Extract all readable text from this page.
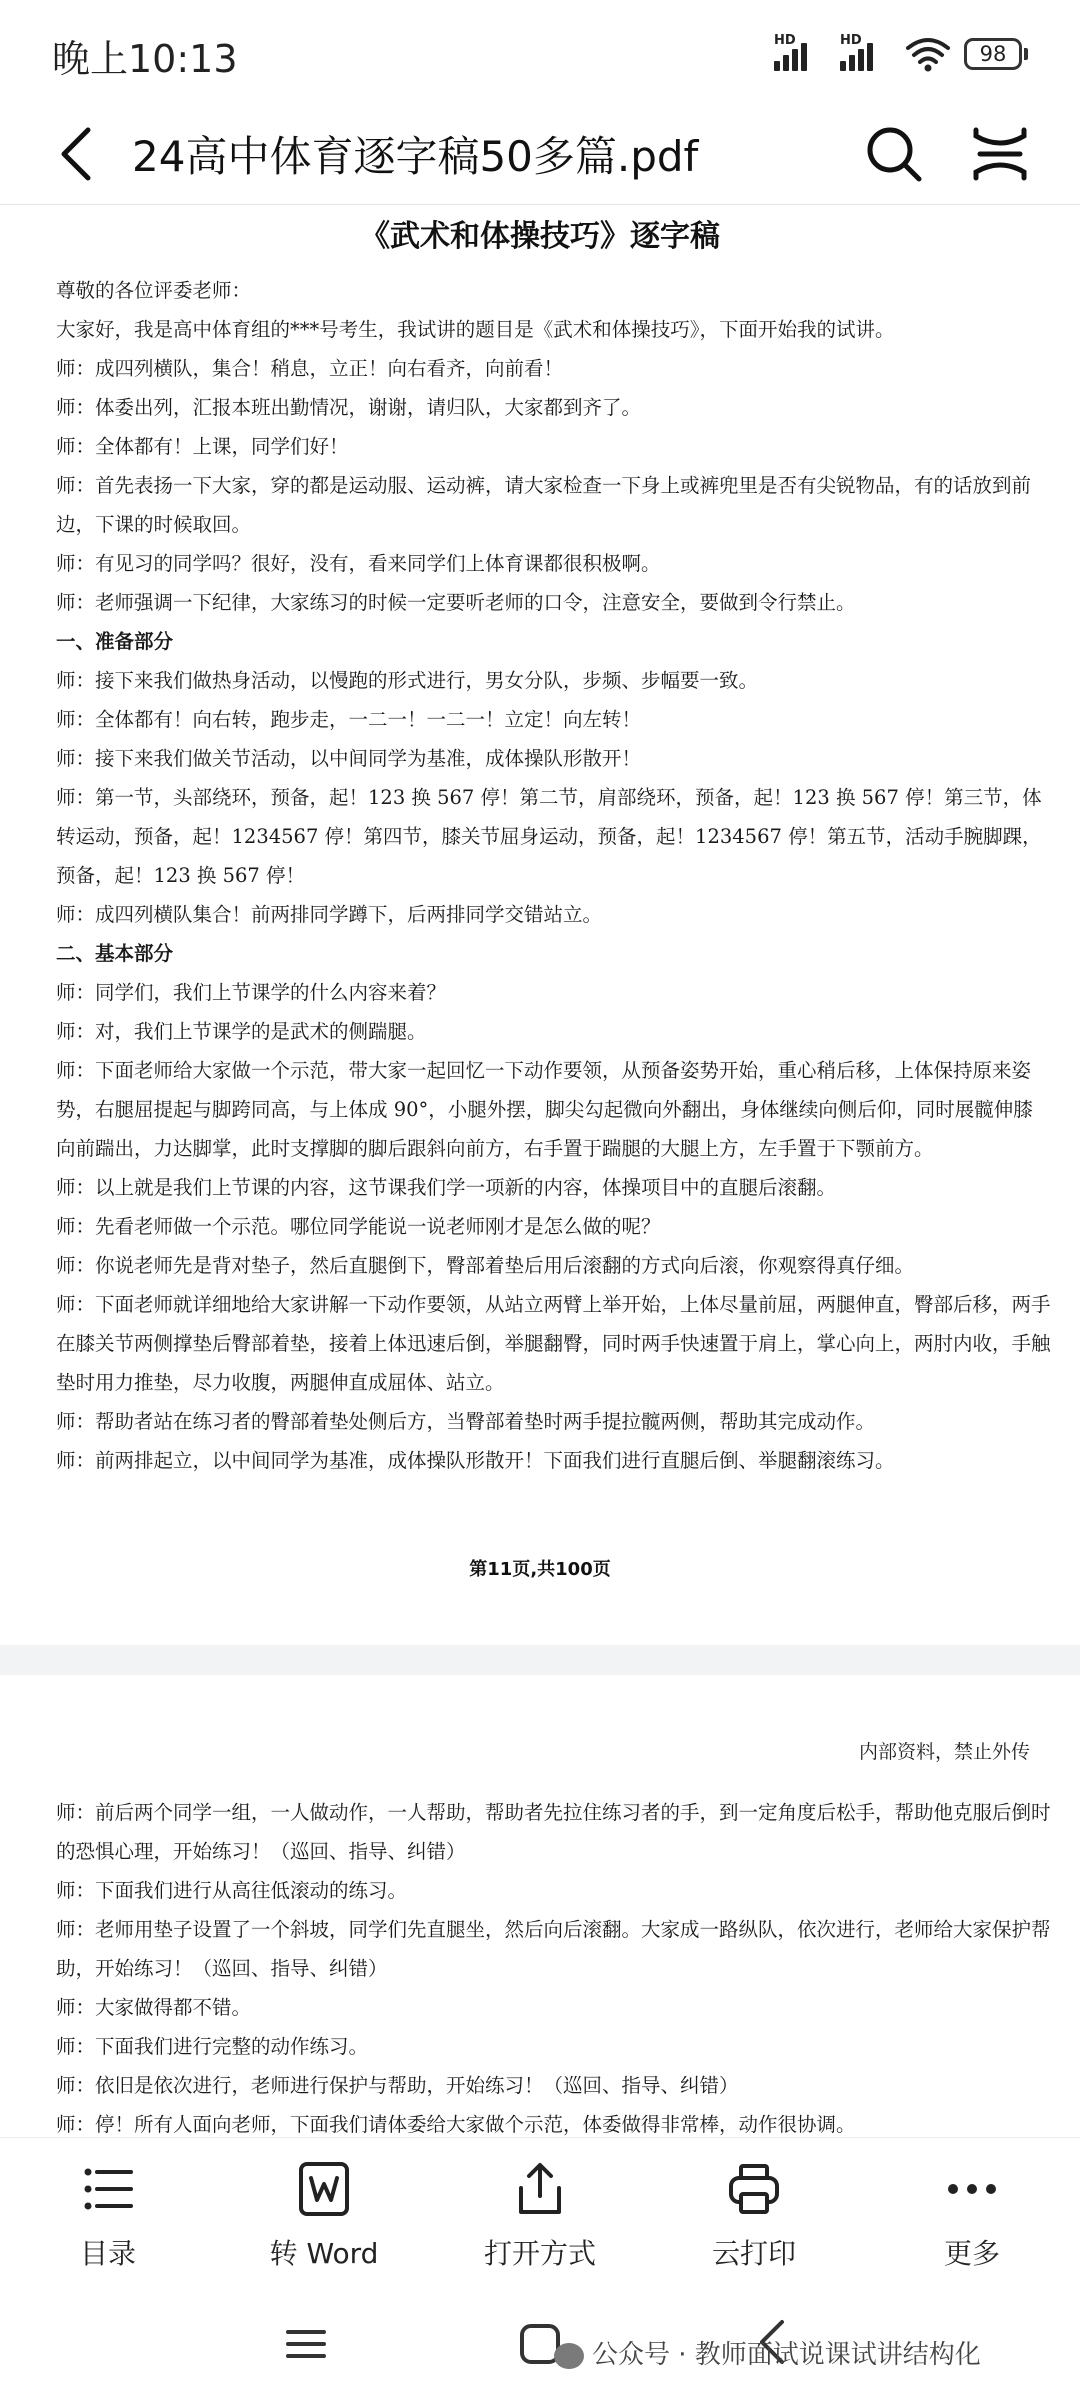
晚上10:13	HD	HD
98
24高中体育逐字稿50多篇.pdf
《武术和体操技巧》逐字稿

尊敬的各位评委老师：

大家好，我是高中体育组的***号考生，我试讲的题目是《武术和体操技巧》，下面开始我的试讲。

师：成四列横队，集合！稍息，立正！向右看齐，向前看！

师：体委出列，汇报本班出勤情况，谢谢，请归队，大家都到齐了。

师：全体都有！上课，同学们好！

师：首先表扬一下大家，穿的都是运动服、运动裤，请大家检查一下身上或裤兜里是否有尖锐物品，有的话放到前边，下课的时候取回。

师：有见习的同学吗？很好，没有，看来同学们上体育课都很积极啊。

师：老师强调一下纪律，大家练习的时候一定要听老师的口令，注意安全，要做到令行禁止。

一、准备部分

师：接下来我们做热身活动，以慢跑的形式进行，男女分队，步频、步幅要一致。

师：全体都有！向右转，跑步走，一二一！一二一！立定！向左转！

师：接下来我们做关节活动，以中间同学为基准，成体操队形散开！

师：第一节，头部绕环，预备，起！123 换 567 停！第二节，肩部绕环，预备，起！123 换 567 停！第三节，体转运动，预备，起！1234567 停！第四节，膝关节屈身运动，预备，起！1234567 停！第五节，活动手腕脚踝，预备，起！123 换 567 停！

师：成四列横队集合！前两排同学蹲下，后两排同学交错站立。

二、基本部分

师：同学们，我们上节课学的什么内容来着？

师：对，我们上节课学的是武术的侧踹腿。

师：下面老师给大家做一个示范，带大家一起回忆一下动作要领，从预备姿势开始，重心稍后移，上体保持原来姿势，右腿屈提起与脚跨同高，与上体成 90°，小腿外摆，脚尖勾起微向外翻出，身体继续向侧后仰，同时展髋伸膝向前踹出，力达脚掌，此时支撑脚的脚后跟斜向前方，右手置于踹腿的大腿上方，左手置于下颚前方。

师：以上就是我们上节课的内容，这节课我们学一项新的内容，体操项目中的直腿后滚翻。

师：先看老师做一个示范。哪位同学能说一说老师刚才是怎么做的呢？

师：你说老师先是背对垫子，然后直腿倒下，臀部着垫后用后滚翻的方式向后滚，你观察得真仔细。

师：下面老师就详细地给大家讲解一下动作要领，从站立两臂上举开始，上体尽量前屈，两腿伸直，臀部后移，两手在膝关节两侧撑垫后臀部着垫，接着上体迅速后倒，举腿翻臀，同时两手快速置于肩上，掌心向上，两肘内收，手触垫时用力推垫，尽力收腹，两腿伸直成屈体、站立。

师：帮助者站在练习者的臀部着垫处侧后方，当臀部着垫时两手提拉髋两侧，帮助其完成动作。

师：前两排起立，以中间同学为基准，成体操队形散开！下面我们进行直腿后倒、举腿翻滚练习。

第11页,共100页
内部资料，禁止外传

师：前后两个同学一组，一人做动作，一人帮助，帮助者先拉住练习者的手，到一定角度后松手，帮助他克服后倒时的恐惧心理，开始练习！（巡回、指导、纠错）

师：下面我们进行从高往低滚动的练习。

师：老师用垫子设置了一个斜坡，同学们先直腿坐，然后向后滚翻。大家成一路纵队，依次进行，老师给大家保护帮助，开始练习！（巡回、指导、纠错）

师：大家做得都不错。

师：下面我们进行完整的动作练习。

师：依旧是依次进行，老师进行保护与帮助，开始练习！（巡回、指导、纠错）

师：停！所有人面向老师，下面我们请体委给大家做个示范，体委做得非常棒，动作很协调。

目录	转 Word	打开方式	云打印	更多
公众号 · 教师面试说课试讲结构化
